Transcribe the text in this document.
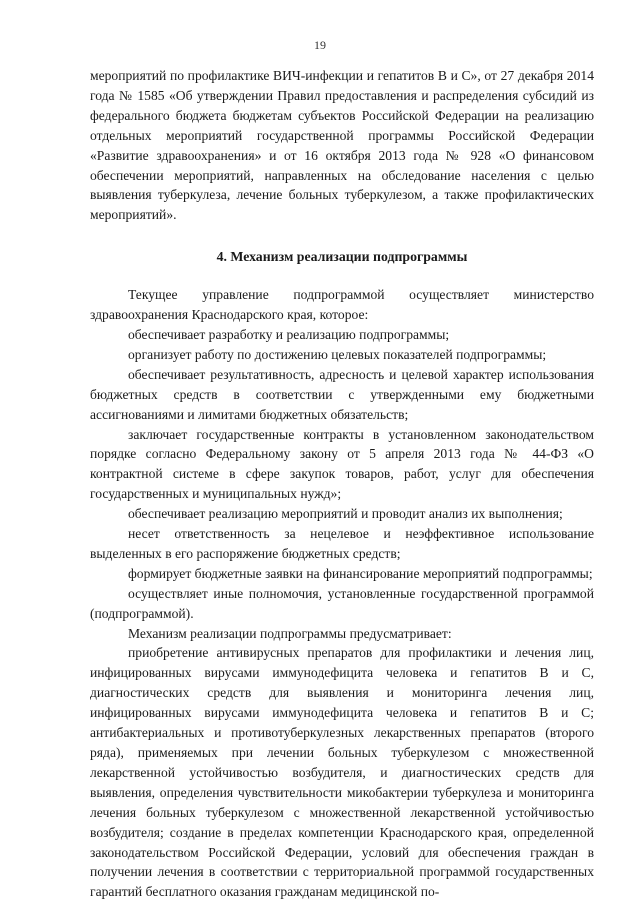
19

мероприятий по профилактике ВИЧ-инфекции и гепатитов В и С», от 27 декабря 2014 года № 1585 «Об утверждении Правил предоставления и распределения субсидий из федерального бюджета бюджетам субъектов Российской Федерации на реализацию отдельных мероприятий государственной программы Российской Федерации «Развитие здравоохранения» и от 16 октября 2013 года № 928 «О финансовом обеспечении мероприятий, направленных на обследование населения с целью выявления туберкулеза, лечение больных туберкулезом, а также профилактических мероприятий».

4. Механизм реализации подпрограммы

Текущее управление подпрограммой осуществляет министерство здравоохранения Краснодарского края, которое:

обеспечивает разработку и реализацию подпрограммы;

организует работу по достижению целевых показателей подпрограммы;

обеспечивает результативность, адресность и целевой характер использования бюджетных средств в соответствии с утвержденными ему бюджетными ассигнованиями и лимитами бюджетных обязательств;

заключает государственные контракты в установленном законодательством порядке согласно Федеральному закону от 5 апреля 2013 года № 44-ФЗ «О контрактной системе в сфере закупок товаров, работ, услуг для обеспечения государственных и муниципальных нужд»;

обеспечивает реализацию мероприятий и проводит анализ их выполнения;

несет ответственность за нецелевое и неэффективное использование выделенных в его распоряжение бюджетных средств;

формирует бюджетные заявки на финансирование мероприятий подпрограммы;

осуществляет иные полномочия, установленные государственной программой (подпрограммой).

Механизм реализации подпрограммы предусматривает:

приобретение антивирусных препаратов для профилактики и лечения лиц, инфицированных вирусами иммунодефицита человека и гепатитов В и С, диагностических средств для выявления и мониторинга лечения лиц, инфицированных вирусами иммунодефицита человека и гепатитов В и С; антибактериальных и противотуберкулезных лекарственных препаратов (второго ряда), применяемых при лечении больных туберкулезом с множественной лекарственной устойчивостью возбудителя, и диагностических средств для выявления, определения чувствительности микобактерии туберкулеза и мониторинга лечения больных туберкулезом с множественной лекарственной устойчивостью возбудителя; создание в пределах компетенции Краснодарского края, определенной законодательством Российской Федерации, условий для обеспечения граждан в получении лечения в соответствии с территориальной программой государственных гарантий бесплатного оказания гражданам медицинской по-
